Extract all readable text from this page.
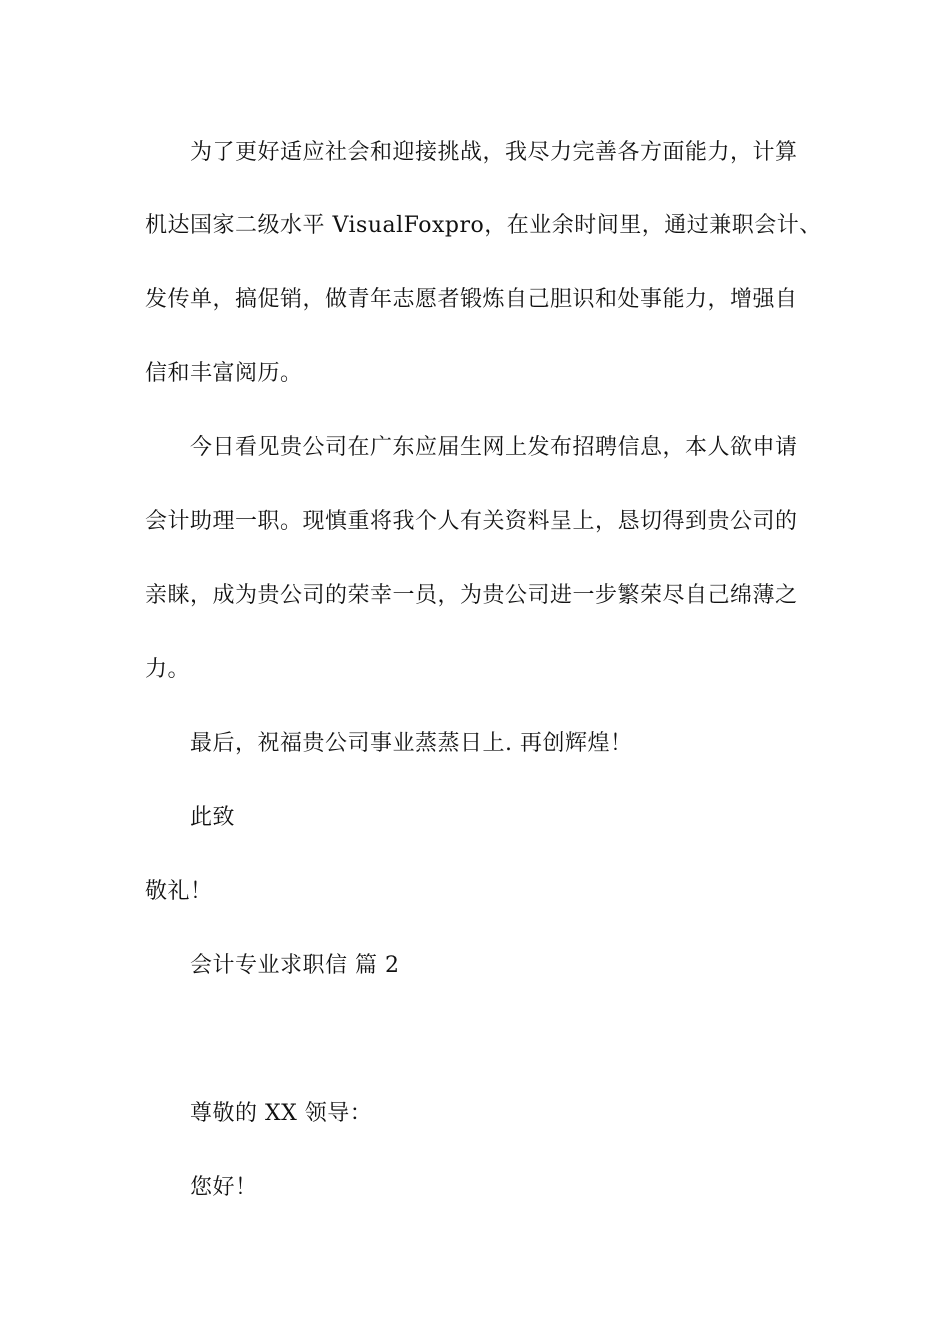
为了更好适应社会和迎接挑战，我尽力完善各方面能力，计算
机达国家二级水平 VisualFoxpro，在业余时间里，通过兼职会计、
发传单，搞促销，做青年志愿者锻炼自己胆识和处事能力，增强自
信和丰富阅历。
今日看见贵公司在广东应届生网上发布招聘信息，本人欲申请
会计助理一职。现慎重将我个人有关资料呈上，恳切得到贵公司的
亲睐，成为贵公司的荣幸一员，为贵公司进一步繁荣尽自己绵薄之
力。
最后，祝福贵公司事业蒸蒸日上. 再创辉煌！
此致
敬礼！
会计专业求职信 篇 2
尊敬的 XX 领导：
您好！
